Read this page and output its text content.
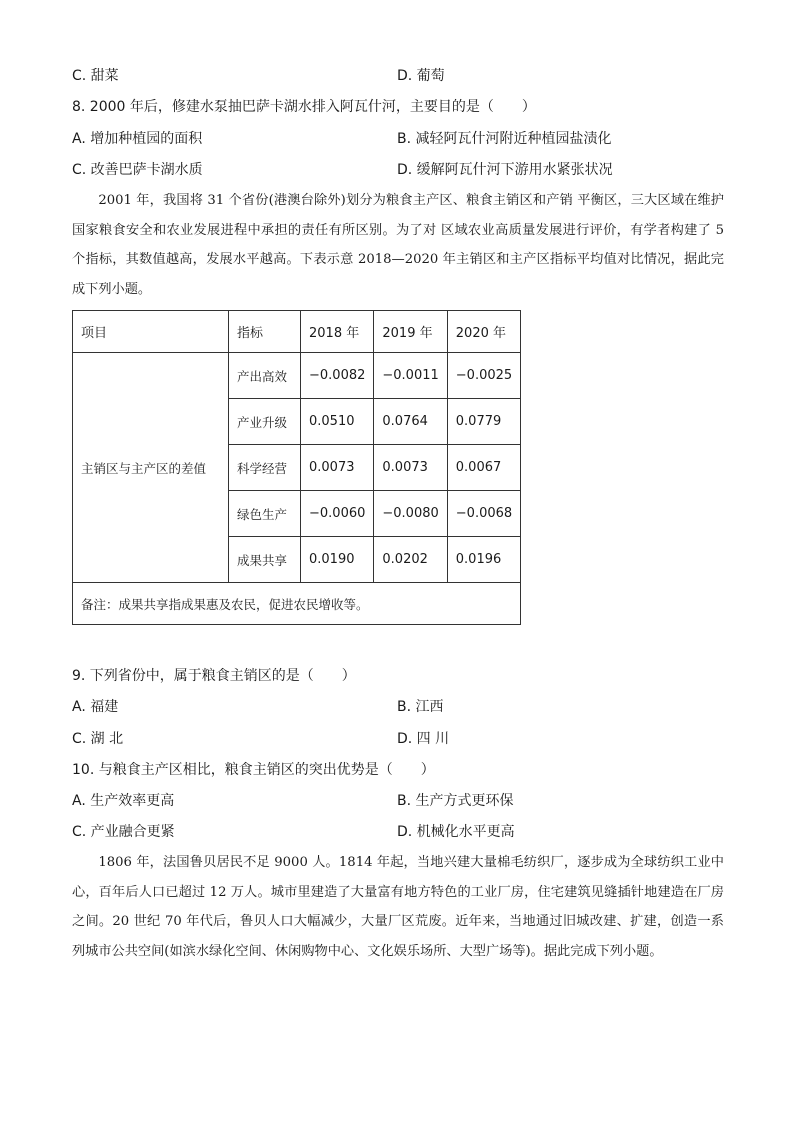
C. 甜菜	D. 葡萄
8. 2000 年后，修建水泵抽巴萨卡湖水排入阿瓦什河，主要目的是（　　）
A. 增加种植园的面积	B. 减轻阿瓦什河附近种植园盐渍化
C. 改善巴萨卡湖水质	D. 缓解阿瓦什河下游用水紧张状况

2001 年，我国将 31 个省份(港澳台除外)划分为粮食主产区、粮食主销区和产销 平衡区，三大区域在维护国家粮食安全和农业发展进程中承担的责任有所区别。为了对 区域农业高质量发展进行评价，有学者构建了 5 个指标，其数值越高，发展水平越高。下表示意 2018—2020 年主销区和主产区指标平均值对比情况，据此完成下列小题。

项目	指标	2018 年	2019 年	2020 年
主销区与主产区的差值	产出高效	−0.0082	−0.0011	−0.0025
	产业升级	0.0510	0.0764	0.0779
	科学经营	0.0073	0.0073	0.0067
	绿色生产	−0.0060	−0.0080	−0.0068
	成果共享	0.0190	0.0202	0.0196
备注：成果共享指成果惠及农民，促进农民增收等。				
9. 下列省份中，属于粮食主销区的是（　　）
A. 福建	B. 江西
C. 湖 北	D. 四 川
10. 与粮食主产区相比，粮食主销区的突出优势是（　　）
A. 生产效率更高	B. 生产方式更环保
C. 产业融合更紧	D. 机械化水平更高

1806 年，法国鲁贝居民不足 9000 人。1814 年起，当地兴建大量棉毛纺织厂，逐步成为全球纺织工业中心，百年后人口已超过 12 万人。城市里建造了大量富有地方特色的工业厂房，住宅建筑见缝插针地建造在厂房之间。20 世纪 70 年代后，鲁贝人口大幅减少，大量厂区荒废。近年来，当地通过旧城改建、扩建，创造一系列城市公共空间(如滨水绿化空间、休闲购物中心、文化娱乐场所、大型广场等)。据此完成下列小题。
